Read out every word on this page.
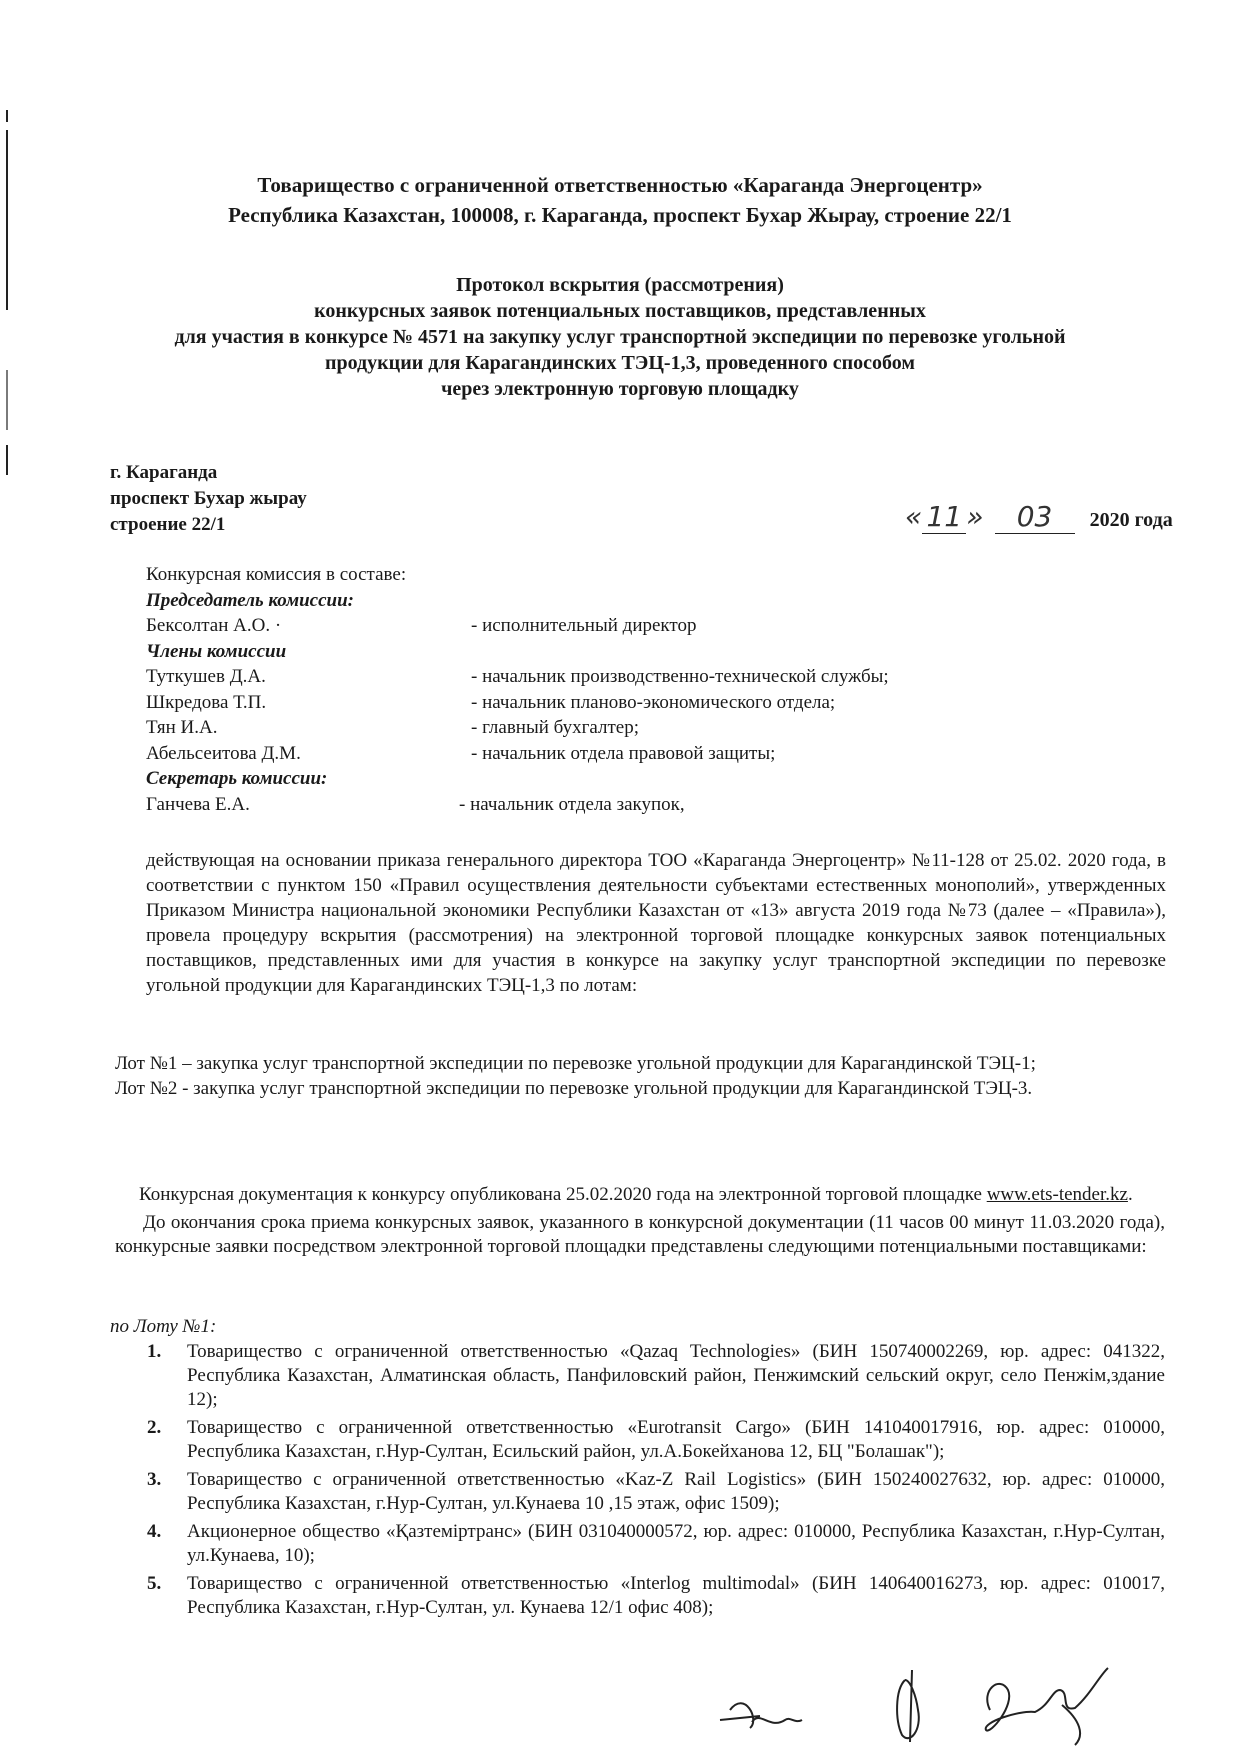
Товарищество с ограниченной ответственностью «Караганда Энергоцентр»
Республика Казахстан, 100008, г. Караганда, проспект Бухар Жырау, строение 22/1
Протокол вскрытия (рассмотрения)
конкурсных заявок потенциальных поставщиков, представленных
для участия в конкурсе № 4571 на закупку услуг транспортной экспедиции по перевозке угольной
продукции для Карагандинских ТЭЦ-1,3, проведенного способом
через электронную торговую площадку
г. Караганда
проспект Бухар жырау
строение 22/1	« 11 » 03 2020 года
Конкурсная комиссия в составе:
Председатель комиссии:
Бексолтан А.О. ·	- исполнительный директор
Члены комиссии
Туткушев Д.А.	- начальник производственно-технической службы;
Шкредова Т.П.	- начальник планово-экономического отдела;
Тян И.А.	- главный бухгалтер;
Абельсеитова Д.М.	- начальник отдела правовой защиты;
Секретарь комиссии:
Ганчева Е.А.	- начальник отдела закупок,
действующая на основании приказа генерального директора ТОО «Караганда Энергоцентр» №11-128 от 25.02. 2020 года, в соответствии с пунктом 150 «Правил осуществления деятельности субъектами естественных монополий», утвержденных Приказом Министра национальной экономики Республики Казахстан от «13» августа 2019 года №73 (далее – «Правила»), провела процедуру вскрытия (рассмотрения) на электронной торговой площадке конкурсных заявок потенциальных поставщиков, представленных ими для участия в конкурсе на закупку услуг транспортной экспедиции по перевозке угольной продукции для Карагандинских ТЭЦ-1,3 по лотам:
Лот №1 – закупка услуг транспортной экспедиции по перевозке угольной продукции для Карагандинской ТЭЦ-1;
Лот №2 - закупка услуг транспортной экспедиции по перевозке угольной продукции для Карагандинской ТЭЦ-3.

Конкурсная документация к конкурсу опубликована 25.02.2020 года на электронной торговой площадке www.ets-tender.kz.

До окончания срока приема конкурсных заявок, указанного в конкурсной документации (11 часов 00 минут 11.03.2020 года), конкурсные заявки посредством электронной торговой площадки представлены следующими потенциальными поставщиками:

по Лоту №1:
1. Товарищество с ограниченной ответственностью «Qazaq Technologies» (БИН 150740002269, юр. адрес: 041322, Республика Казахстан, Алматинская область, Панфиловский район, Пенжимский сельский округ, село Пенжім,здание 12);
2. Товарищество с ограниченной ответственностью «Eurotransit Cargo» (БИН 141040017916, юр. адрес: 010000, Республика Казахстан, г.Нур-Султан, Есильский район, ул.А.Бокейханова 12, БЦ "Болашак");
3. Товарищество с ограниченной ответственностью «Kaz-Z Rail Logistics» (БИН 150240027632, юр. адрес: 010000, Республика Казахстан, г.Нур-Султан, ул.Кунаева 10 ,15 этаж, офис 1509);
4. Акционерное общество «Қазтеміртранс» (БИН 031040000572, юр. адрес: 010000, Республика Казахстан, г.Нур-Султан, ул.Кунаева, 10);
5. Товарищество с ограниченной ответственностью «Interlog multimodal» (БИН 140640016273, юр. адрес: 010017, Республика Казахстан, г.Нур-Султан, ул. Кунаева 12/1 офис 408);
